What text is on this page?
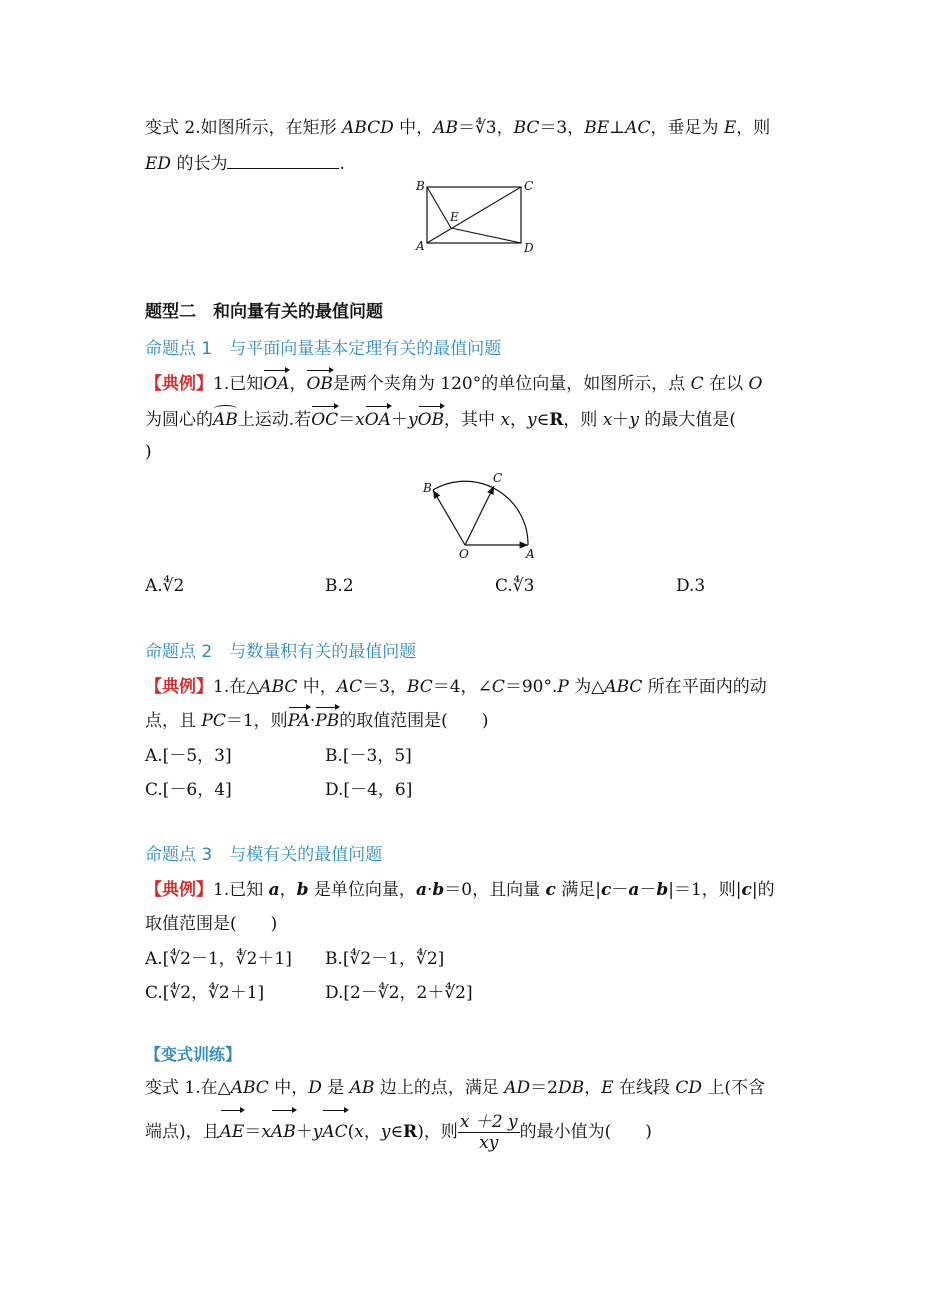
变式 2.如图所示，在矩形 ABCD 中，AB＝∜3，BC＝3，BE⊥AC，垂足为 E，则
ED 的长为	.
B	C
E
A	D
题型二　和向量有关的最值问题
命题点 1　与平面向量基本定理有关的最值问题
【典例】1.已知OA，OB是两个夹角为 120°的单位向量，如图所示，点 C 在以 O
为圆心的AB上运动.若OC＝xOA＋yOB，其中 x，y∈R，则 x＋y 的最大值是(
)
B
C
O	A
A.∜2	B.2	C.∜3	D.3
命题点 2　与数量积有关的最值问题
【典例】1.在△ABC 中，AC＝3，BC＝4，∠C＝90°.P 为△ABC 所在平面内的动
点，且 PC＝1，则PA·PB的取值范围是(　　)
A.[－5，3]	B.[－3，5]
C.[－6，4]	D.[－4，6]
命题点 3　与模有关的最值问题
【典例】1.已知 a，b 是单位向量，a·b＝0，且向量 c 满足|c－a－b|＝1，则|c|的
取值范围是(　　)
A.[∜2－1，∜2＋1] B.[∜2－1，∜2]
C.[∜2，∜2＋1]	D.[2－∜2，2＋∜2]
【变式训练】
变式 1.在△ABC 中，D 是 AB 边上的点，满足 AD＝2DB，E 在线段 CD 上(不含
端点)，且AE＝xAB＋yAC(x，y∈R)，则 $\frac{x +2 y}{xy}$ 的最小值为(　　)
